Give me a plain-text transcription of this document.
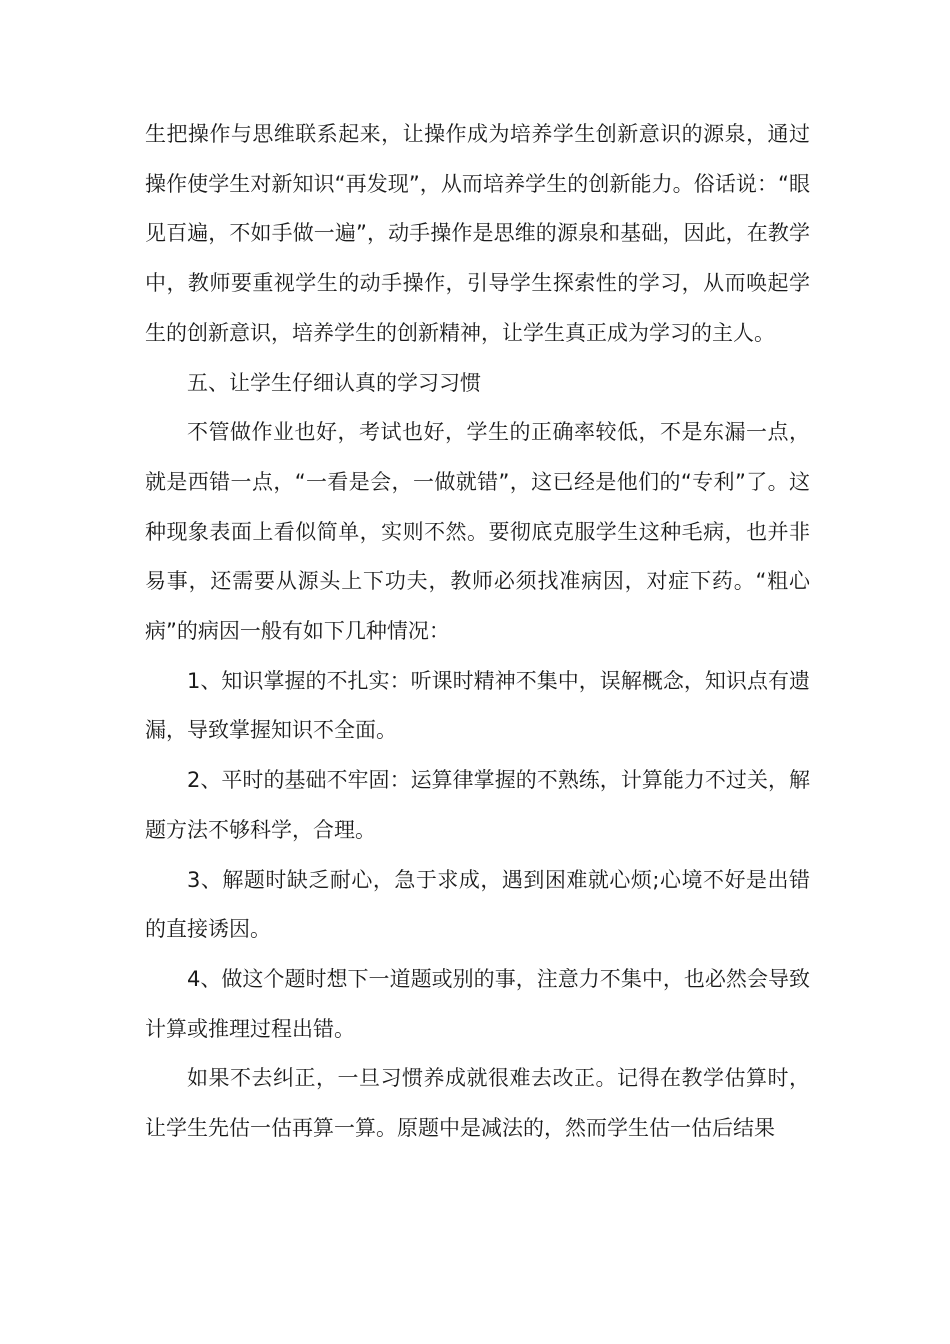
生把操作与思维联系起来，让操作成为培养学生创新意识的源泉，通过操作使学生对新知识“再发现”，从而培养学生的创新能力。俗话说：“眼见百遍，不如手做一遍”，动手操作是思维的源泉和基础，因此，在教学中，教师要重视学生的动手操作，引导学生探索性的学习，从而唤起学生的创新意识，培养学生的创新精神，让学生真正成为学习的主人。

五、让学生仔细认真的学习习惯

不管做作业也好，考试也好，学生的正确率较低，不是东漏一点，就是西错一点，“一看是会，一做就错”，这已经是他们的“专利”了。这种现象表面上看似简单，实则不然。要彻底克服学生这种毛病，也并非易事，还需要从源头上下功夫，教师必须找准病因，对症下药。“粗心病”的病因一般有如下几种情况：

1、知识掌握的不扎实：听课时精神不集中，误解概念，知识点有遗漏，导致掌握知识不全面。

2、平时的基础不牢固：运算律掌握的不熟练，计算能力不过关，解题方法不够科学，合理。

3、解题时缺乏耐心，急于求成，遇到困难就心烦;心境不好是出错的直接诱因。

4、做这个题时想下一道题或别的事，注意力不集中，也必然会导致计算或推理过程出错。

如果不去纠正，一旦习惯养成就很难去改正。记得在教学估算时，让学生先估一估再算一算。原题中是减法的，然而学生估一估后结果
